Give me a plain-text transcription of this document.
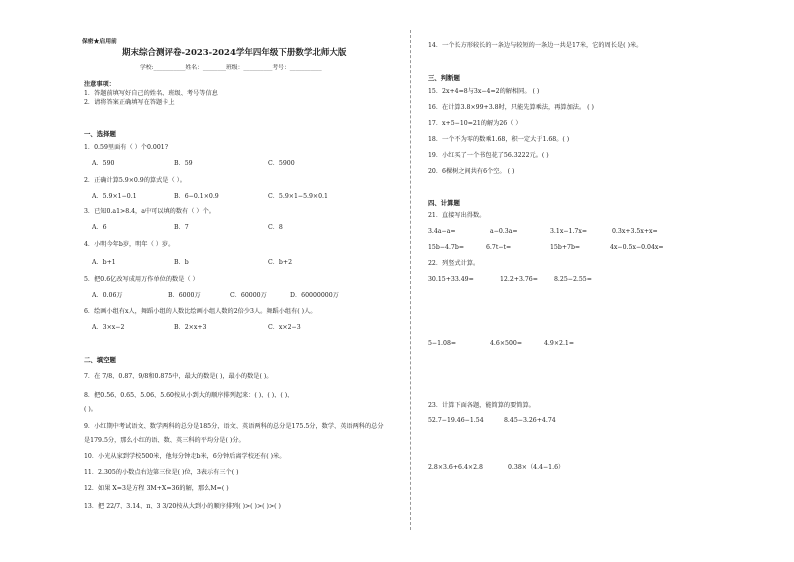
保密★启用前
期末综合测评卷-2023-2024学年四年级下册数学北师大版
学校:___________姓名：________班级：__________考号：___________
注意事项：
1．答题前填写好自己的姓名、班级、考号等信息
2．请将答案正确填写在答题卡上
一、选择题
1．0.59里面有（ ）个0.001?
A．590	B．59	C．5900
2．正确计算5.9×0.9的算式是（ ）。
A．5.9×1−0.1	B．6−0.1×0.9	C．5.9×1−5.9×0.1
3．已知0.a1>8.4，a中可以填的数有（ ）个。
A．6	B．7	C．8
4．小明今年b岁，明年（ ）岁。
A．b+1	B．b	C．b+2
5．把0.6亿改写成用万作单位的数是（ ）
A．0.06万	B．6000万	C．60000万	D．60000000万
6．绘画小组有x人，舞蹈小组的人数比绘画小组人数的2倍少3人。舞蹈小组有( )人。
A．3×x−2	B．2×x+3	C．x×2−3
二、填空题
7．在 7/8、0.87、9/8和0.875中，最大的数是( )，最小的数是( )。
8．把0.56、0.65、5.06、5.60按从小到大的顺序排列起来：( )、( )、( )、
( )。
9．小红期中考试语文、数学两科的总分是185分，语文、英语两科的总分是175.5分，数学、英语两科的总分
是179.5分，那么小红的语、数、英三科的平均分是( )分。
10．小光从家到学校500米，他每分钟走b米，6分钟后离学校还有( )米。
11．2.305的小数点右边第三位是( )位，3表示有三个( )
12．如果 X=3是方程 3M+X=36的解，那么M=( )
13．把 22/7、3.14、π、3 3/20按从大到小的顺序排列( )>( )>( )>( )
14．一个长方形较长的一条边与较短的一条边一共是17米，它的周长是( )米。
三、判断题
15．2x+4=8与3x−4=2的解相同。 ( )
16．在计算3.8×99+3.8时，只能先算乘法，再算加法。 ( )
17．x+5−10=21的解为26（ ）
18．一个不为零的数乘1.68，积一定大于1.68。( )
19．小红买了一个书包花了56.3222元。( )
20．6棵树之间共有6个空。 ( )
四、计算题
21．直接写出得数。
3.4a−a=	a−0.3a=	3.1x−1.7x=	0.3x+3.5x+x=
15b−4.7b=	6.7t−t=	15b+7b=	4x−0.5x−0.04x=
22．列竖式计算。
30.15+33.49=	12.2+3.76=	8.25−2.55=
5−1.08=	4.6×500=	4.9×2.1=
23．计算下面各题，能简算的要简算。
52.7−19.46−1.54	8.45−3.26+4.74
2.8×3.6+6.4×2.8	0.38×（4.4−1.6）
